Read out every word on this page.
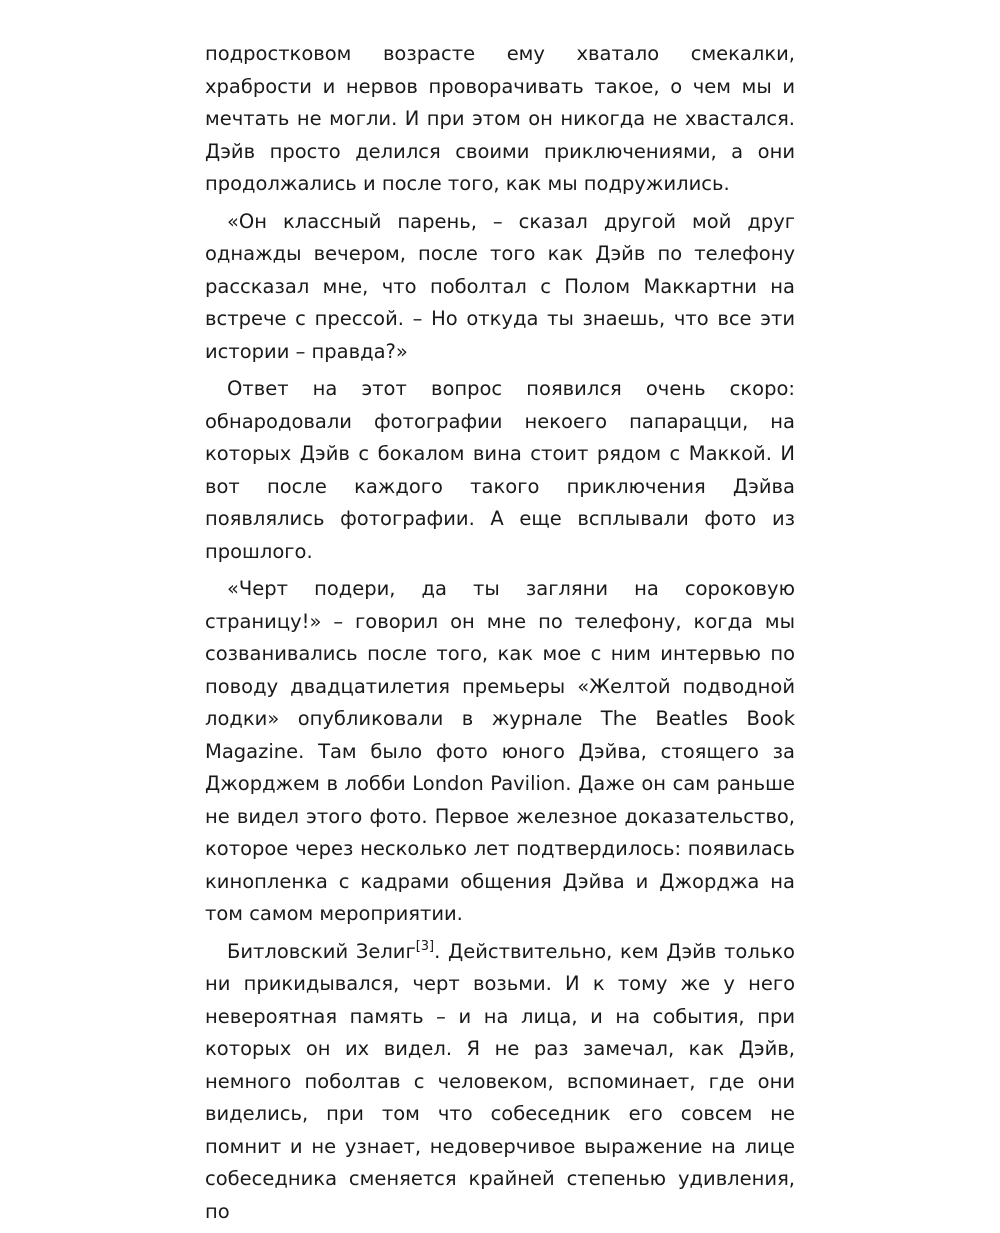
подростковом возрасте ему хватало смекалки, храбрости и нервов проворачивать такое, о чем мы и мечтать не могли. И при этом он никогда не хвастался. Дэйв просто делился своими приключениями, а они продолжались и после того, как мы подружились.

«Он классный парень, – сказал другой мой друг однажды вечером, после того как Дэйв по телефону рассказал мне, что поболтал с Полом Маккартни на встрече с прессой. – Но откуда ты знаешь, что все эти истории – правда?»

Ответ на этот вопрос появился очень скоро: обнародовали фотографии некоего папарацци, на которых Дэйв с бокалом вина стоит рядом с Маккой. И вот после каждого такого приключения Дэйва появлялись фотографии. А еще всплывали фото из прошлого.

«Черт подери, да ты загляни на сороковую страницу!» – говорил он мне по телефону, когда мы созванивались после того, как мое с ним интервью по поводу двадцатилетия премьеры «Желтой подводной лодки» опубликовали в журнале The Beatles Book Magazine. Там было фото юного Дэйва, стоящего за Джорджем в лобби London Pavilion. Даже он сам раньше не видел этого фото. Первое железное доказательство, которое через несколько лет подтвердилось: появилась кинопленка с кадрами общения Дэйва и Джорджа на том самом мероприятии.

Битловский Зелиг[3]. Действительно, кем Дэйв только ни прикидывался, черт возьми. И к тому же у него невероятная память – и на лица, и на события, при которых он их видел. Я не раз замечал, как Дэйв, немного поболтав с человеком, вспоминает, где они виделись, при том что собеседник его совсем не помнит и не узнает, недоверчивое выражение на лице собеседника сменяется крайней степенью удивления, по
